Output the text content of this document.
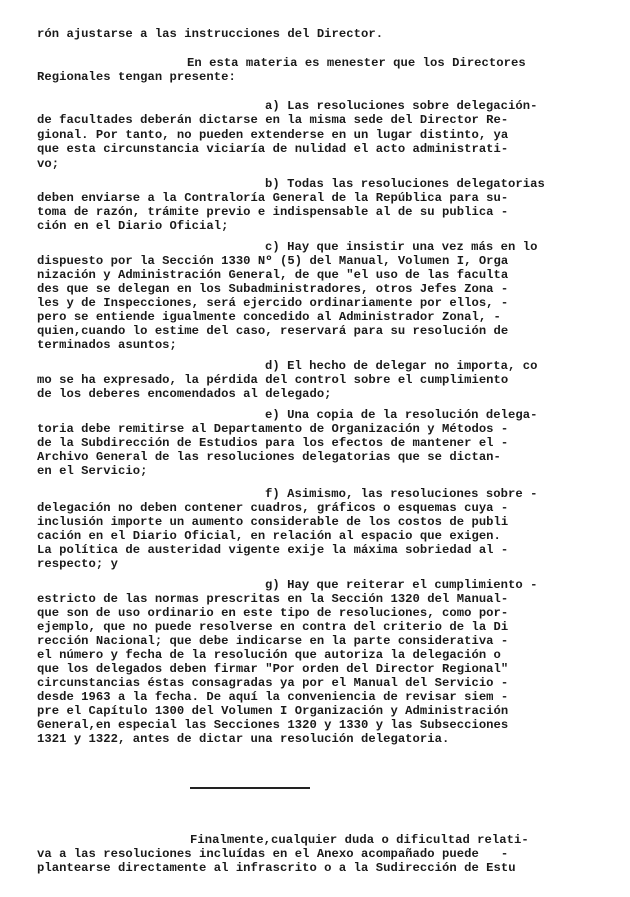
rón ajustarse a las instrucciones del Director.
En esta materia es menester que los Directores
Regionales tengan presente:
a) Las resoluciones sobre delegación-
de facultades deberán dictarse en la misma sede del Director Re-
gional. Por tanto, no pueden extenderse en un lugar distinto, ya
que esta circunstancia viciaría de nulidad el acto administrati-
vo;
b) Todas las resoluciones delegatorias
deben enviarse a la Contraloría General de la República para su-
toma de razón, trámite previo e indispensable al de su publica -
ción en el Diario Oficial;
c) Hay que insistir una vez más en lo
dispuesto por la Sección 1330 Nº (5) del Manual, Volumen I, Orga
nización y Administración General, de que "el uso de las faculta
des que se delegan en los Subadministradores, otros Jefes Zona -
les y de Inspecciones, será ejercido ordinariamente por ellos, -
pero se entiende igualmente concedido al Administrador Zonal, -
quien,cuando lo estime del caso, reservará para su resolución de
terminados asuntos;
d) El hecho de delegar no importa, co
mo se ha expresado, la pérdida del control sobre el cumplimiento
de los deberes encomendados al delegado;
e) Una copia de la resolución delega-
toria debe remitirse al Departamento de Organización y Métodos -
de la Subdirección de Estudios para los efectos de mantener el -
Archivo General de las resoluciones delegatorias que se dictan-
en el Servicio;
f) Asimismo, las resoluciones sobre -
delegación no deben contener cuadros, gráficos o esquemas cuya -
inclusión importe un aumento considerable de los costos de publi
cación en el Diario Oficial, en relación al espacio que exigen.
La política de austeridad vigente exije la máxima sobriedad al -
respecto; y
g) Hay que reiterar el cumplimiento -
estricto de las normas prescritas en la Sección 1320 del Manual-
que son de uso ordinario en este tipo de resoluciones, como por-
ejemplo, que no puede resolverse en contra del criterio de la Di
rección Nacional; que debe indicarse en la parte considerativa -
el número y fecha de la resolución que autoriza la delegación o
que los delegados deben firmar "Por orden del Director Regional"
circunstancias éstas consagradas ya por el Manual del Servicio -
desde 1963 a la fecha. De aquí la conveniencia de revisar siem -
pre el Capítulo 1300 del Volumen I Organización y Administración
General,en especial las Secciones 1320 y 1330 y las Subsecciones
1321 y 1322, antes de dictar una resolución delegatoria.
Finalmente,cualquier duda o dificultad relati-
va a las resoluciones incluídas en el Anexo acompañado puede   -
plantearse directamente al infrascrito o a la Sudirección de Estu
